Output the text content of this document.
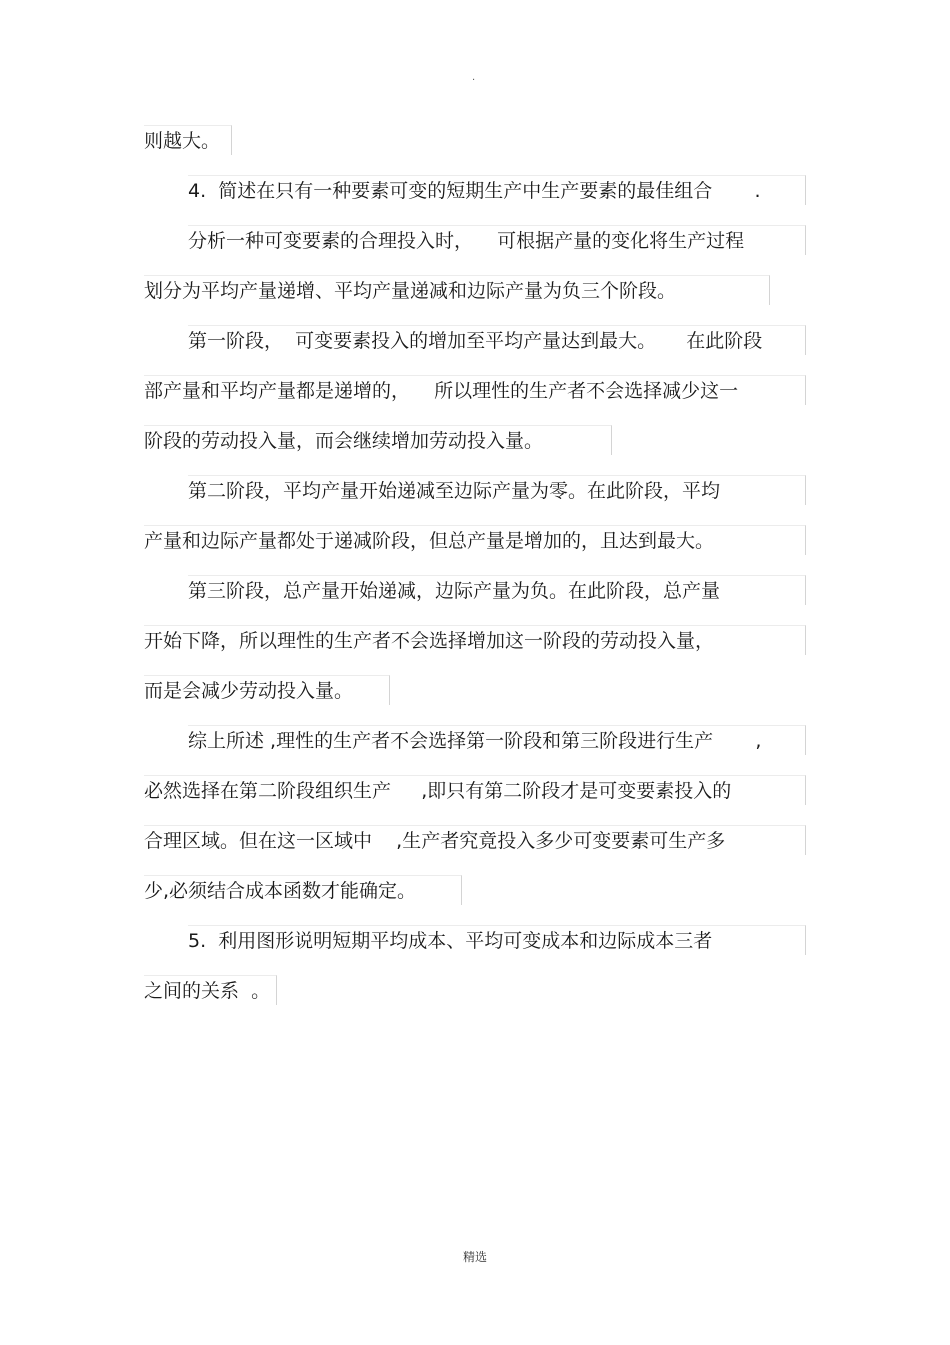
.
则越大。
4.  简述在只有一种要素可变的短期生产中生产要素的最佳组合       .
分析一种可变要素的合理投入时，    可根据产量的变化将生产过程
划分为平均产量递增、平均产量递减和边际产量为负三个阶段。
第一阶段，  可变要素投入的增加至平均产量达到最大。     在此阶段
部产量和平均产量都是递增的，    所以理性的生产者不会选择减少这一
阶段的劳动投入量，而会继续增加劳动投入量。
第二阶段，平均产量开始递减至边际产量为零。在此阶段，平均
产量和边际产量都处于递减阶段，但总产量是增加的，且达到最大。
第三阶段，总产量开始递减，边际产量为负。在此阶段，总产量
开始下降，所以理性的生产者不会选择增加这一阶段的劳动投入量，
而是会减少劳动投入量。
综上所述 ,理性的生产者不会选择第一阶段和第三阶段进行生产       ,
必然选择在第二阶段组织生产     ,即只有第二阶段才是可变要素投入的
合理区域。但在这一区域中    ,生产者究竟投入多少可变要素可生产多
少,必须结合成本函数才能确定。
5.  利用图形说明短期平均成本、平均可变成本和边际成本三者
之间的关系  。
精选
